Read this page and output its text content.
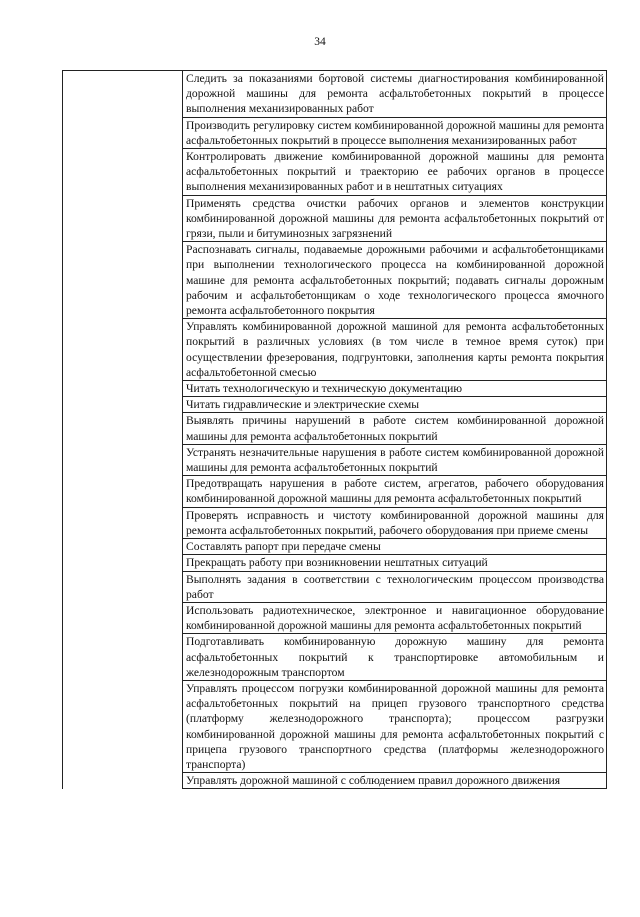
34
	Следить за показаниями бортовой системы диагностирования комбинированной дорожной машины для ремонта асфальтобетонных покрытий в процессе выполнения механизированных работ
Производить регулировку систем комбинированной дорожной машины для ремонта асфальтобетонных покрытий в процессе выполнения механизированных работ
Контролировать движение комбинированной дорожной машины для ремонта асфальтобетонных покрытий и траекторию ее рабочих органов в процессе выполнения механизированных работ и в нештатных ситуациях
Применять средства очистки рабочих органов и элементов конструкции комбинированной дорожной машины для ремонта асфальтобетонных покрытий от грязи, пыли и битуминозных загрязнений
Распознавать сигналы, подаваемые дорожными рабочими и асфальтобетонщиками при выполнении технологического процесса на комбинированной дорожной машине для ремонта асфальтобетонных покрытий; подавать сигналы дорожным рабочим и асфальтобетонщикам о ходе технологического процесса ямочного ремонта асфальтобетонного покрытия
Управлять комбинированной дорожной машиной для ремонта асфальтобетонных покрытий в различных условиях (в том числе в темное время суток) при осуществлении фрезерования, подгрунтовки, заполнения карты ремонта покрытия асфальтобетонной смесью
Читать технологическую и техническую документацию
Читать гидравлические и электрические схемы
Выявлять причины нарушений в работе систем комбинированной дорожной машины для ремонта асфальтобетонных покрытий
Устранять незначительные нарушения в работе систем комбинированной дорожной машины для ремонта асфальтобетонных покрытий
Предотвращать нарушения в работе систем, агрегатов, рабочего оборудования комбинированной дорожной машины для ремонта асфальтобетонных покрытий
Проверять исправность и чистоту комбинированной дорожной машины для ремонта асфальтобетонных покрытий, рабочего оборудования при приеме смены
Составлять рапорт при передаче смены
Прекращать работу при возникновении нештатных ситуаций
Выполнять задания в соответствии с технологическим процессом производства работ
Использовать радиотехническое, электронное и навигационное оборудование комбинированной дорожной машины для ремонта асфальтобетонных покрытий
Подготавливать комбинированную дорожную машину для ремонта асфальтобетонных покрытий к транспортировке автомобильным и железнодорожным транспортом
Управлять процессом погрузки комбинированной дорожной машины для ремонта асфальтобетонных покрытий на прицеп грузового транспортного средства (платформу железнодорожного транспорта); процессом разгрузки комбинированной дорожной машины для ремонта асфальтобетонных покрытий с прицепа грузового транспортного средства (платформы железнодорожного транспорта)
Управлять дорожной машиной с соблюдением правил дорожного движения
